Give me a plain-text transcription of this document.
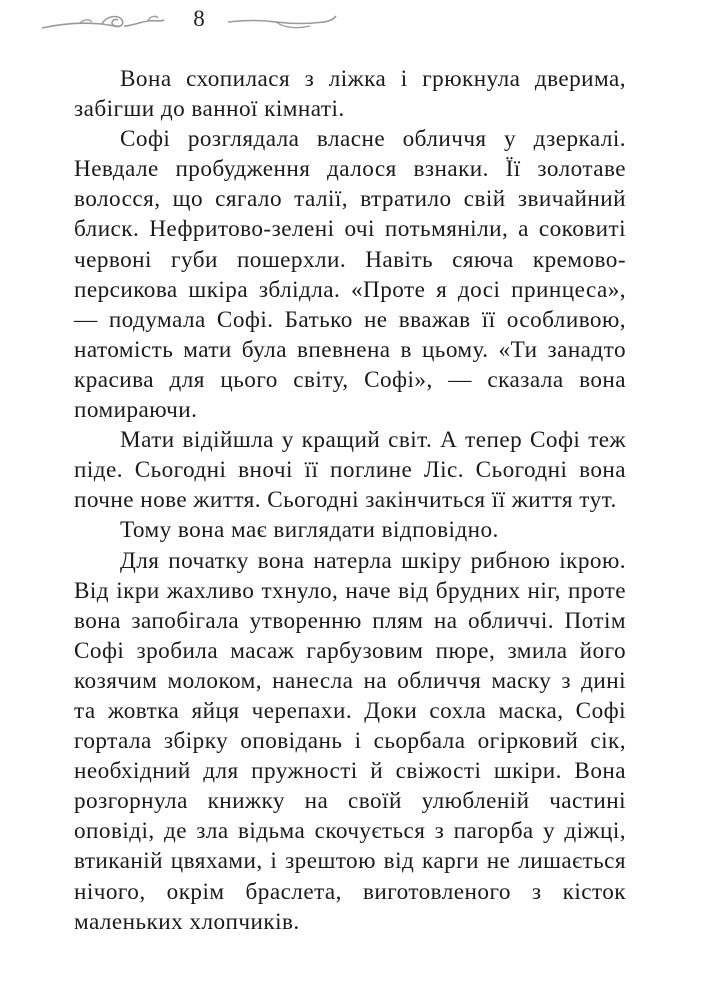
8

Вона схопилася з ліжка і грюкнула дверима, забігши до ванної кімнаті.

Софі розглядала власне обличчя у дзеркалі. Невдале пробудження далося взнаки. Її золотаве волосся, що сягало талії, втратило свій звичайний блиск. Нефритово-зелені очі потьмяніли, а соковиті червоні губи пошерхли. Навіть сяюча кремово-персикова шкіра зблідла. «Проте я досі принцеса», — подумала Софі. Батько не вважав її особливою, натомість мати була впевнена в цьому. «Ти занадто красива для цього світу, Софі», — сказала вона помираючи.

Мати відійшла у кращий світ. А тепер Софі теж піде. Сьогодні вночі її поглине Ліс. Сьогодні вона почне нове життя. Сьогодні закінчиться її життя тут.

Тому вона має виглядати відповідно.

Для початку вона натерла шкіру рибною ікрою. Від ікри жахливо тхнуло, наче від брудних ніг, проте вона запобігала утворенню плям на обличчі. Потім Софі зробила масаж гарбузовим пюре, змила його козячим молоком, нанесла на обличчя маску з дині та жовтка яйця черепахи. Доки сохла маска, Софі гортала збірку оповідань і сьорбала огірковий сік, необхідний для пружності й свіжості шкіри. Вона розгорнула книжку на своїй улюбленій частині оповіді, де зла відьма скочується з пагорба у діжці, втиканій цвяхами, і зрештою від карги не лишається нічого, окрім браслета, виготовленого з кісток маленьких хлопчиків.
